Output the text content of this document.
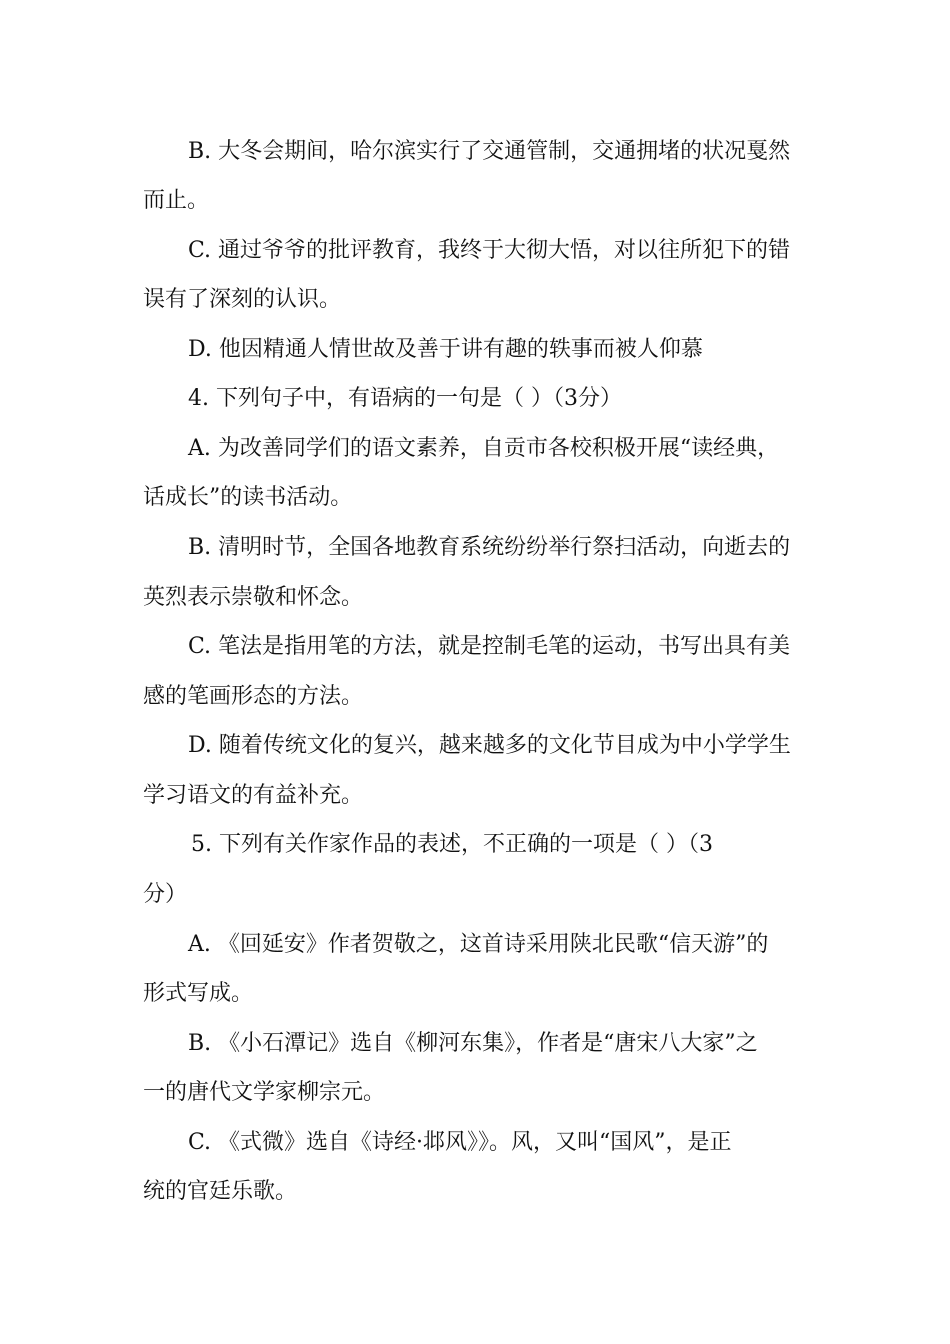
B. 大冬会期间，哈尔滨实行了交通管制，交通拥堵的状况戛然
而止。
C. 通过爷爷的批评教育，我终于大彻大悟，对以往所犯下的错
误有了深刻的认识。
D. 他因精通人情世故及善于讲有趣的轶事而被人仰慕
4. 下列句子中，有语病的一句是（ ）（3分）
A. 为改善同学们的语文素养，自贡市各校积极开展“读经典，
话成长”的读书活动。
B. 清明时节，全国各地教育系统纷纷举行祭扫活动，向逝去的
英烈表示崇敬和怀念。
C. 笔法是指用笔的方法，就是控制毛笔的运动，书写出具有美
感的笔画形态的方法。
D. 随着传统文化的复兴，越来越多的文化节目成为中小学学生
学习语文的有益补充。
5. 下列有关作家作品的表述，不正确的一项是（ ）（3
分）
A. 《回延安》作者贺敬之，这首诗采用陕北民歌“信天游”的
形式写成。
B. 《小石潭记》选自《柳河东集》，作者是“唐宋八大家”之
一的唐代文学家柳宗元。
C. 《式微》选自《诗经·邶风》》。风，又叫“国风”，是正
统的官廷乐歌。
